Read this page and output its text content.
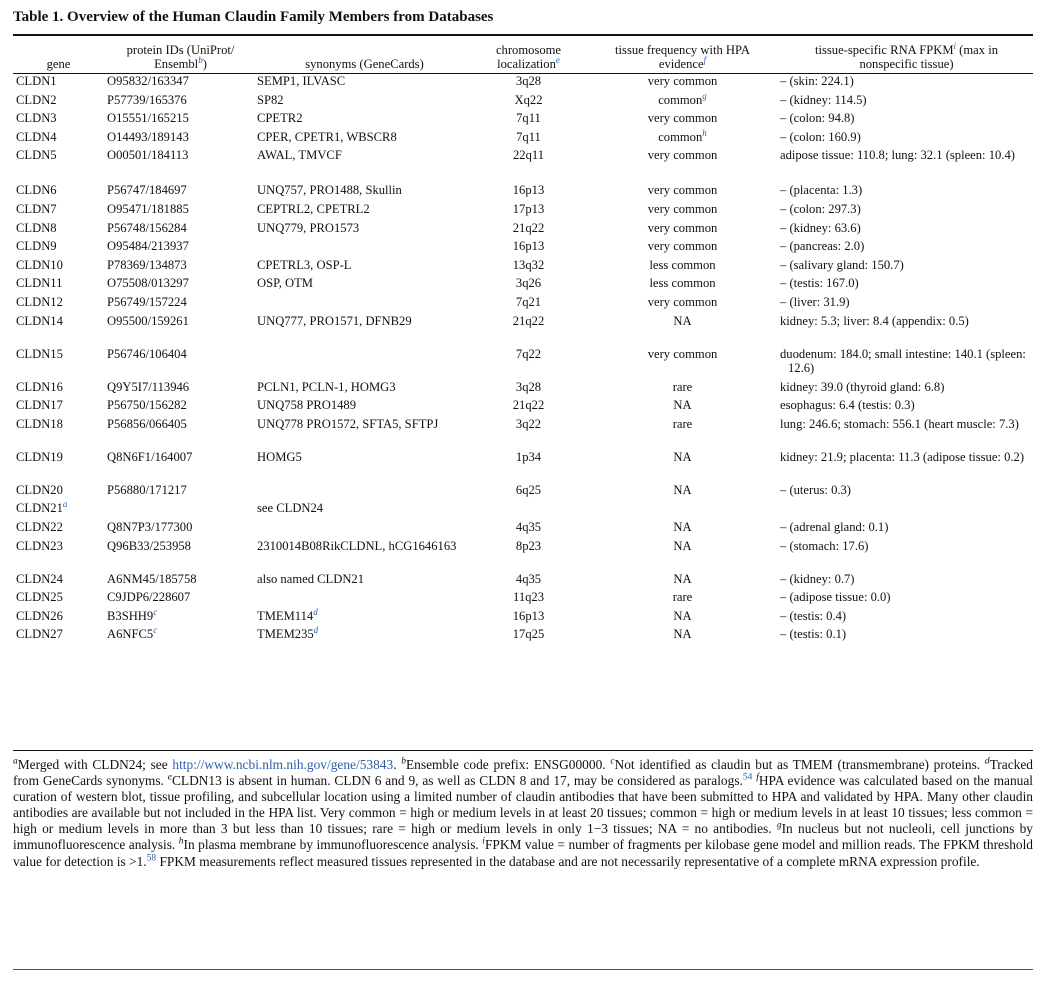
Table 1. Overview of the Human Claudin Family Members from Databases
gene	protein IDs (UniProt/
Ensembl$^b$)	synonyms (GeneCards)	chromosome
localization$^e$	tissue frequency with HPA
evidence$^f$	tissue-specific RNA FPKM$^i$ (max in
nonspecific tissue)

CLDN1	O95832/163347	SEMP1, ILVASC	3q28	very common	– (skin: 224.1)
CLDN2	P57739/165376	SP82	Xq22	common$^g$	– (kidney: 114.5)
CLDN3	O15551/165215	CPETR2	7q11	very common	– (colon: 94.8)
CLDN4	O14493/189143	CPER, CPETR1, WBSCR8	7q11	common$^h$	– (colon: 160.9)
CLDN5	O00501/184113	AWAL, TMVCF	22q11	very common	adipose tissue: 110.8; lung: 32.1 (spleen: 10.4)
CLDN6	P56747/184697	UNQ757, PRO1488, Skullin	16p13	very common	– (placenta: 1.3)
CLDN7	O95471/181885	CEPTRL2, CPETRL2	17p13	very common	– (colon: 297.3)
CLDN8	P56748/156284	UNQ779, PRO1573	21q22	very common	– (kidney: 63.6)
CLDN9	O95484/213937		16p13	very common	– (pancreas: 2.0)
CLDN10	P78369/134873	CPETRL3, OSP-L	13q32	less common	– (salivary gland: 150.7)
CLDN11	O75508/013297	OSP, OTM	3q26	less common	– (testis: 167.0)
CLDN12	P56749/157224		7q21	very common	– (liver: 31.9)
CLDN14	O95500/159261	UNQ777, PRO1571, DFNB29	21q22	NA	kidney: 5.3; liver: 8.4 (appendix: 0.5)
CLDN15	P56746/106404		7q22	very common	duodenum: 184.0; small intestine: 140.1 (spleen: 12.6)
CLDN16	Q9Y5I7/113946	PCLN1, PCLN-1, HOMG3	3q28	rare	kidney: 39.0 (thyroid gland: 6.8)
CLDN17	P56750/156282	UNQ758 PRO1489	21q22	NA	esophagus: 6.4 (testis: 0.3)
CLDN18	P56856/066405	UNQ778 PRO1572, SFTA5, SFTPJ	3q22	rare	lung: 246.6; stomach: 556.1 (heart muscle: 7.3)
CLDN19	Q8N6F1/164007	HOMG5	1p34	NA	kidney: 21.9; placenta: 11.3 (adipose tissue: 0.2)
CLDN20	P56880/171217		6q25	NA	– (uterus: 0.3)
CLDN21$^a$		see CLDN24			
CLDN22	Q8N7P3/177300		4q35	NA	– (adrenal gland: 0.1)
CLDN23	Q96B33/253958	2310014B08RikCLDNL, hCG1646163	8p23	NA	– (stomach: 17.6)
CLDN24	A6NM45/185758	also named CLDN21	4q35	NA	– (kidney: 0.7)
CLDN25	C9JDP6/228607		11q23	rare	– (adipose tissue: 0.0)
CLDN26	B3SHH9$^c$	TMEM114$^d$	16p13	NA	– (testis: 0.4)
CLDN27	A6NFC5$^c$	TMEM235$^d$	17q25	NA	– (testis: 0.1)
$^a$Merged with CLDN24; see http://www.ncbi.nlm.nih.gov/gene/53843. $^b$Ensemble code prefix: ENSG00000. $^c$Not identified as claudin but as TMEM (transmembrane) proteins. $^d$Tracked from GeneCards synonyms. $^e$CLDN13 is absent in human. CLDN 6 and 9, as well as CLDN 8 and 17, may be considered as paralogs.$^{54}$ $^f$HPA evidence was calculated based on the manual curation of western blot, tissue profiling, and subcellular location using a limited number of claudin antibodies that have been submitted to HPA and validated by HPA. Many other claudin antibodies are available but not included in the HPA list. Very common = high or medium levels in at least 20 tissues; common = high or medium levels in at least 10 tissues; less common = high or medium levels in more than 3 but less than 10 tissues; rare = high or medium levels in only 1−3 tissues; NA = no antibodies. $^g$In nucleus but not nucleoli, cell junctions by immunofluorescence analysis. $^h$In plasma membrane by immunofluorescence analysis. $^i$FPKM value = number of fragments per kilobase gene model and million reads. The FPKM threshold value for detection is >1.58 FPKM measurements reflect measured tissues represented in the database and are not necessarily representative of a complete mRNA expression profile.
